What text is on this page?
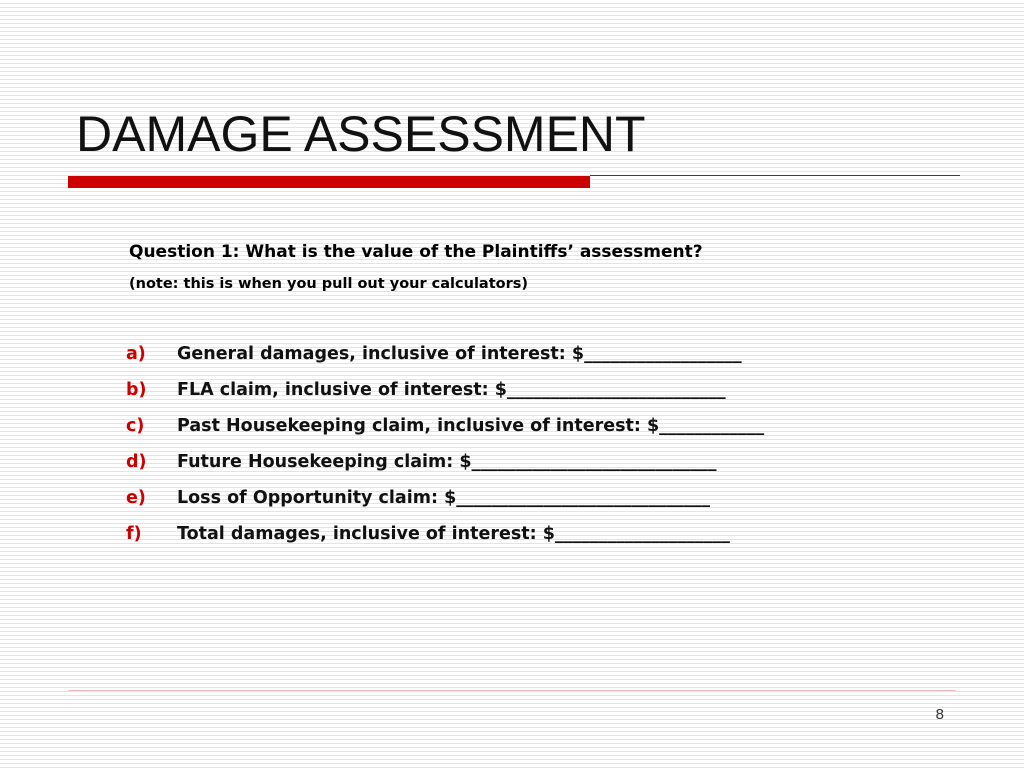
DAMAGE ASSESSMENT

Question 1: What is the value of the Plaintiffs’ assessment?

(note: this is when you pull out your calculators)

a)	General damages, inclusive of interest: $__________________
b)	FLA claim, inclusive of interest: $_________________________
c)	Past Housekeeping claim, inclusive of interest: $____________
d)	Future Housekeeping claim: $____________________________
e)	Loss of Opportunity claim: $_____________________________
f)	Total damages, inclusive of interest: $____________________
8
